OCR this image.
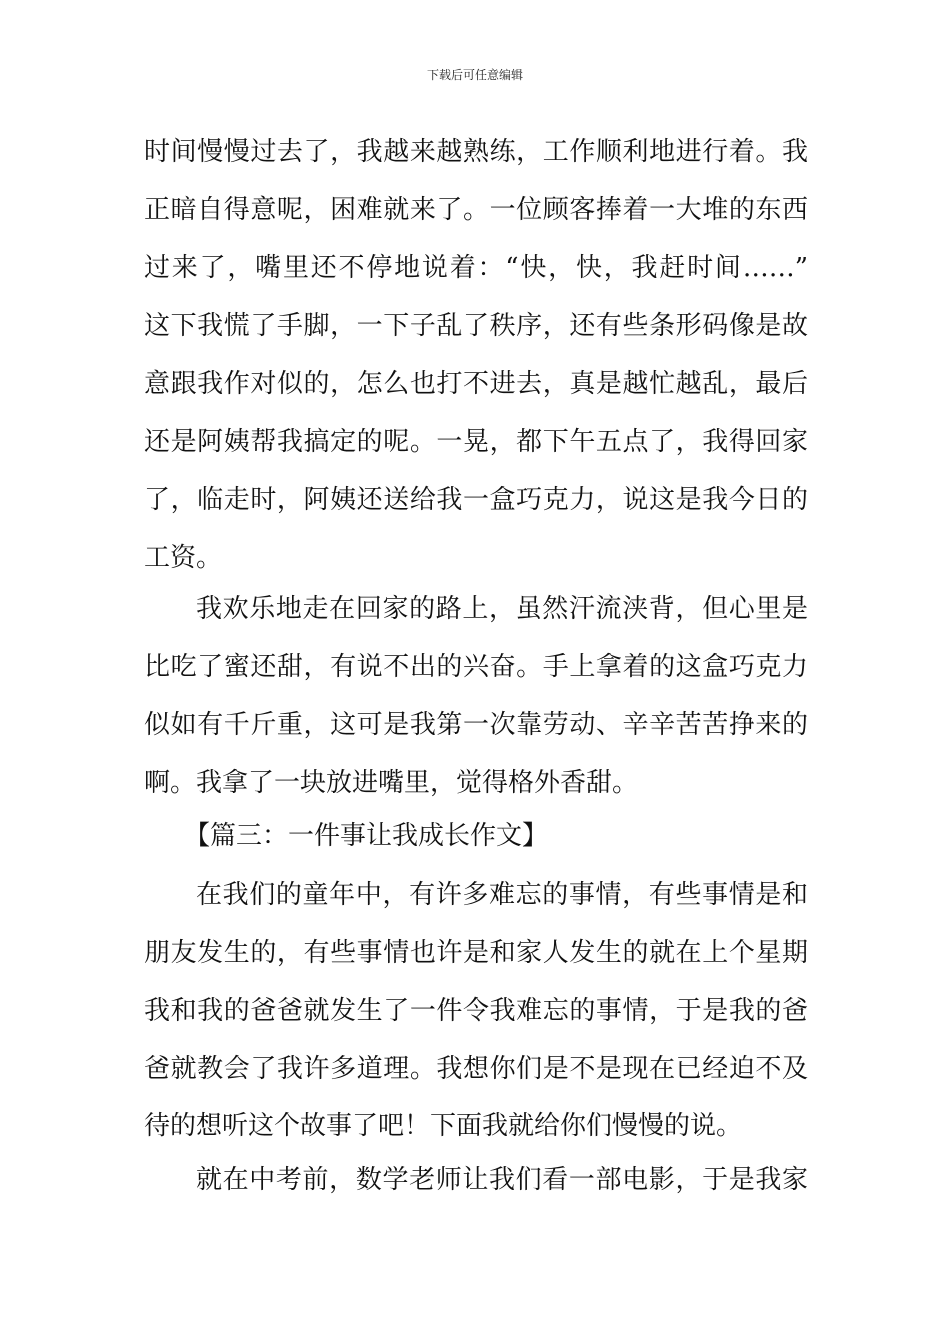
下载后可任意编辑
时间慢慢过去了，我越来越熟练，工作顺利地进行着。我
正暗自得意呢，困难就来了。一位顾客捧着一大堆的东西
过来了，嘴里还不停地说着：“快，快，我赶时间……”
这下我慌了手脚，一下子乱了秩序，还有些条形码像是故
意跟我作对似的，怎么也打不进去，真是越忙越乱，最后
还是阿姨帮我搞定的呢。一晃，都下午五点了，我得回家
了，临走时，阿姨还送给我一盒巧克力，说这是我今日的
工资。
我欢乐地走在回家的路上，虽然汗流浃背，但心里是
比吃了蜜还甜，有说不出的兴奋。手上拿着的这盒巧克力
似如有千斤重，这可是我第一次靠劳动、辛辛苦苦挣来的
啊。我拿了一块放进嘴里，觉得格外香甜。
【篇三：一件事让我成长作文】
在我们的童年中，有许多难忘的事情，有些事情是和
朋友发生的，有些事情也许是和家人发生的就在上个星期
我和我的爸爸就发生了一件令我难忘的事情，于是我的爸
爸就教会了我许多道理。我想你们是不是现在已经迫不及
待的想听这个故事了吧！下面我就给你们慢慢的说。
就在中考前，数学老师让我们看一部电影，于是我家
